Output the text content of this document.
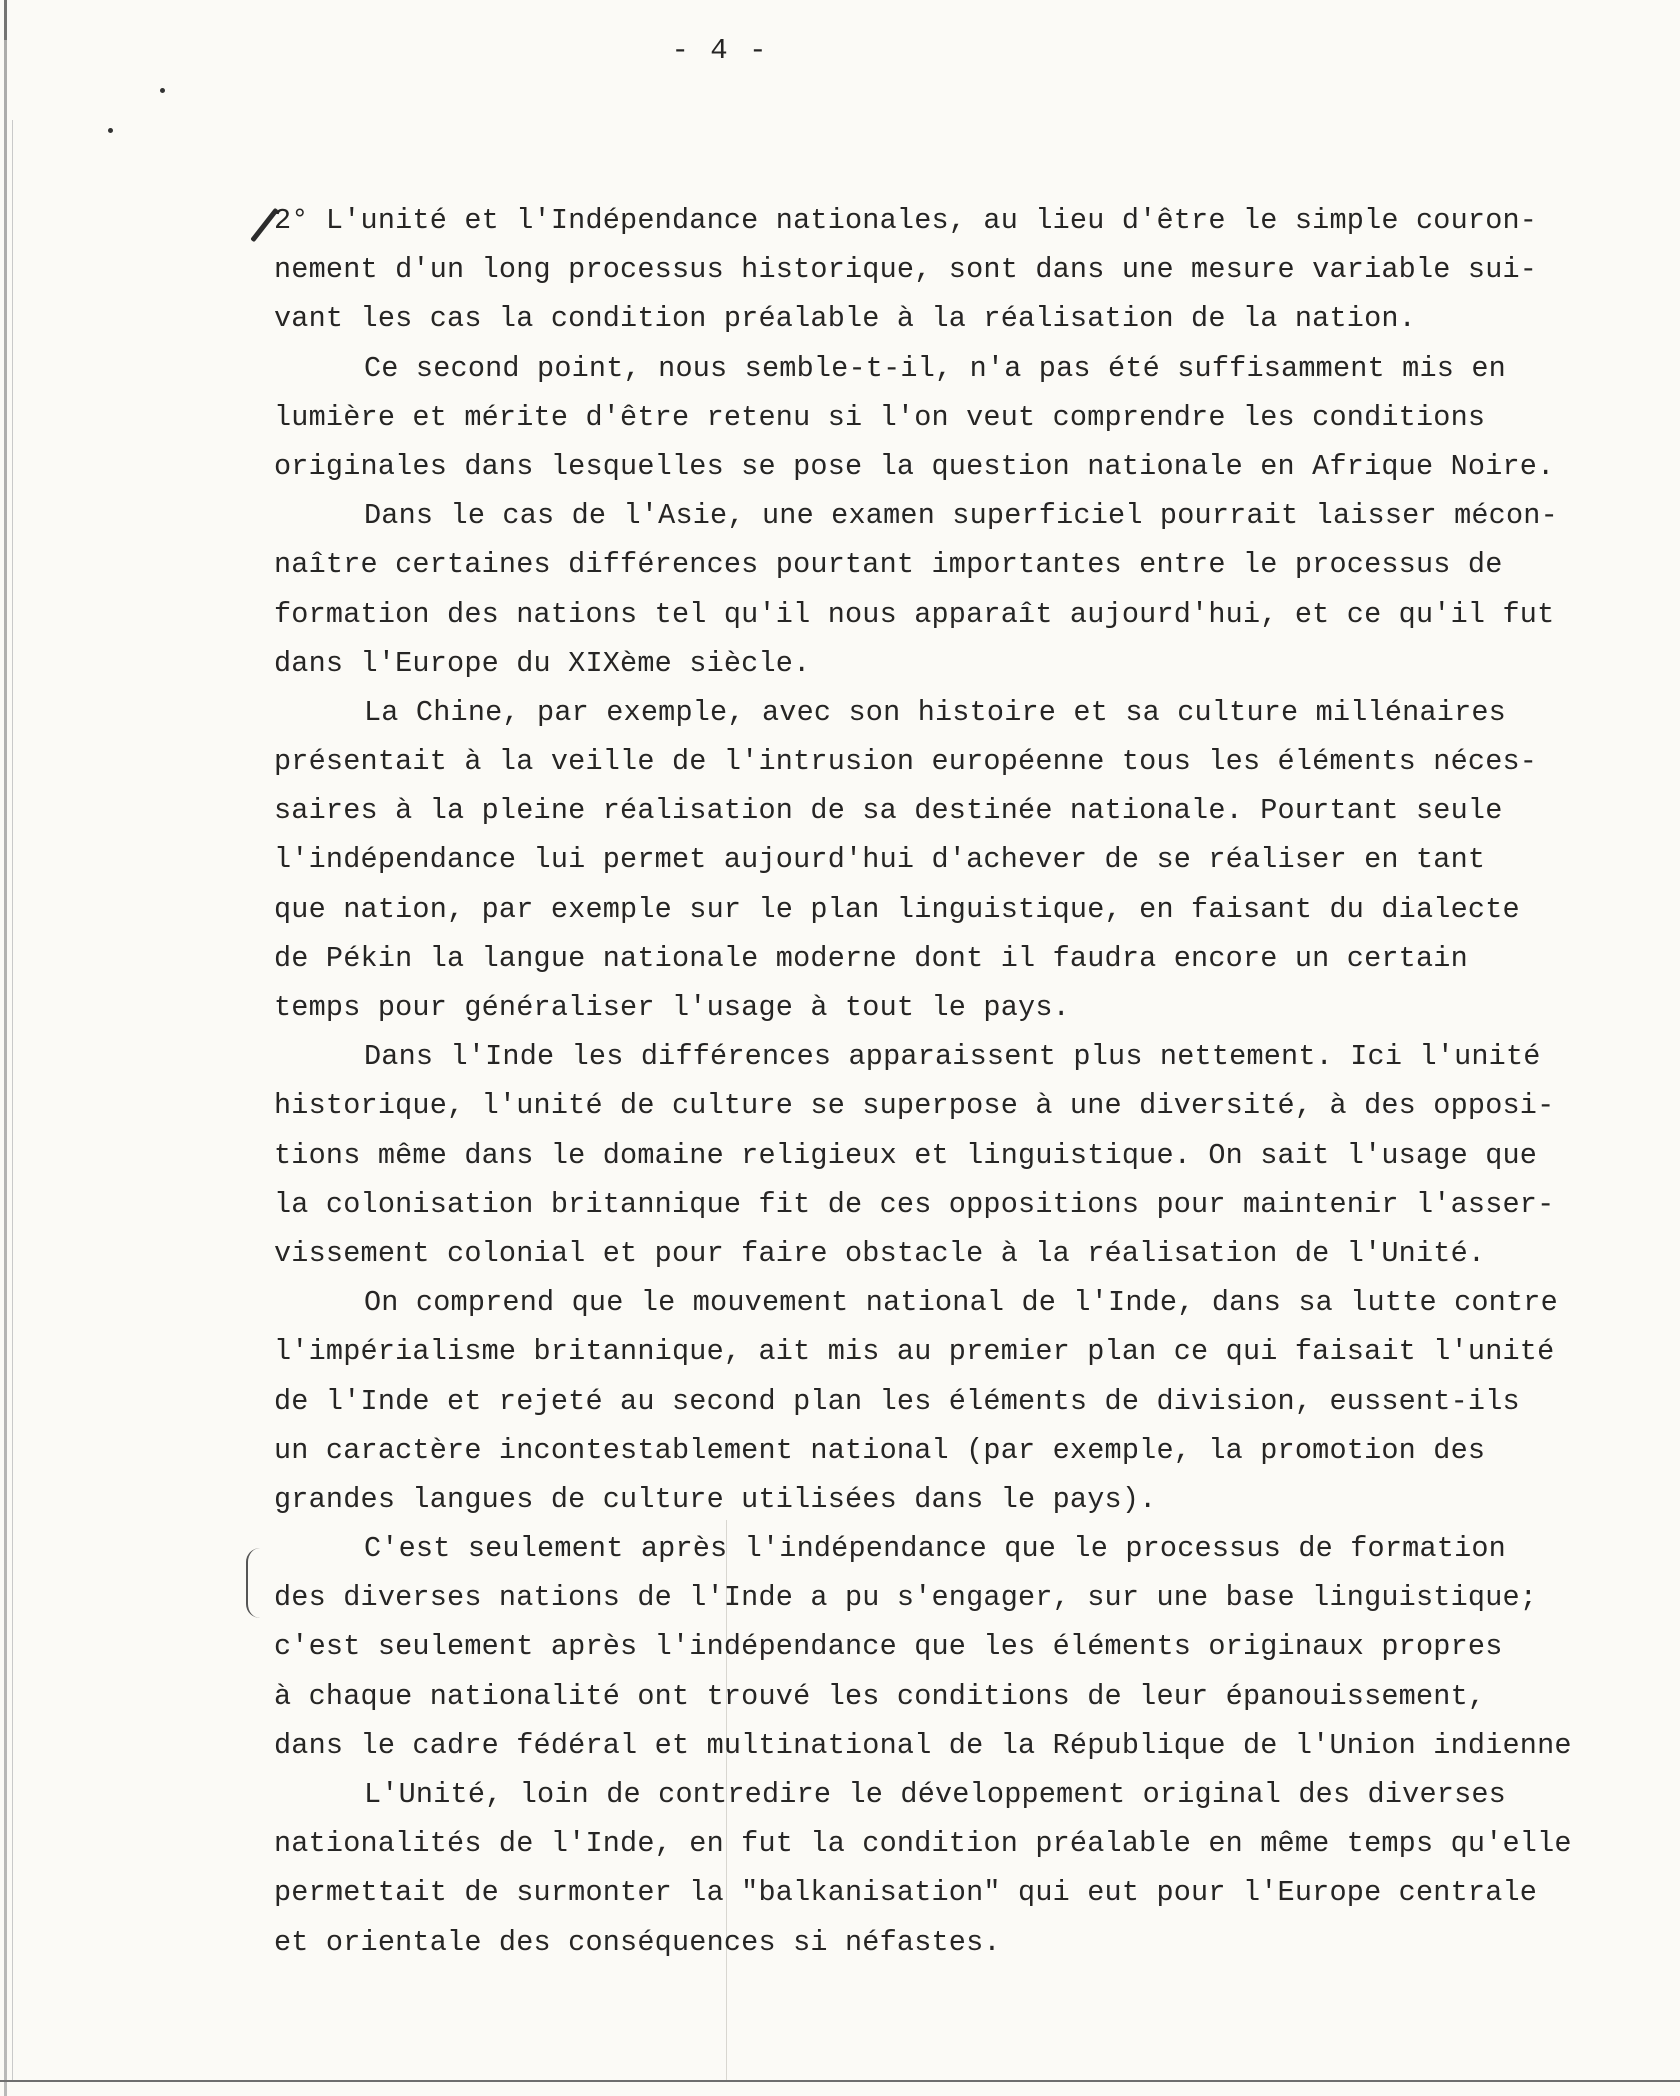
- 4 -
2° L'unité et l'Indépendance nationales, au lieu d'être le simple couron-
nement d'un long processus historique, sont dans une mesure variable sui-
vant les cas la condition préalable à la réalisation de la nation.
Ce second point, nous semble-t-il, n'a pas été suffisamment mis en
lumière et mérite d'être retenu si l'on veut comprendre les conditions
originales dans lesquelles se pose la question nationale en Afrique Noire.
Dans le cas de l'Asie, une examen superficiel pourrait laisser mécon-
naître certaines différences pourtant importantes entre le processus de
formation des nations tel qu'il nous apparaît aujourd'hui, et ce qu'il fut
dans l'Europe du XIXème siècle.
La Chine, par exemple, avec son histoire et sa culture millénaires
présentait à la veille de l'intrusion européenne tous les éléments néces-
saires à la pleine réalisation de sa destinée nationale. Pourtant seule
l'indépendance lui permet aujourd'hui d'achever de se réaliser en tant
que nation, par exemple sur le plan linguistique, en faisant du dialecte
de Pékin la langue nationale moderne dont il faudra encore un certain
temps pour généraliser l'usage à tout le pays.
Dans l'Inde les différences apparaissent plus nettement. Ici l'unité
historique, l'unité de culture se superpose à une diversité, à des opposi-
tions même dans le domaine religieux et linguistique. On sait l'usage que
la colonisation britannique fit de ces oppositions pour maintenir l'asser-
vissement colonial et pour faire obstacle à la réalisation de l'Unité.
On comprend que le mouvement national de l'Inde, dans sa lutte contre
l'impérialisme britannique, ait mis au premier plan ce qui faisait l'unité
de l'Inde et rejeté au second plan les éléments de division, eussent-ils
un caractère incontestablement national (par exemple, la promotion des
grandes langues de culture utilisées dans le pays).
C'est seulement après l'indépendance que le processus de formation
des diverses nations de l'Inde a pu s'engager, sur une base linguistique;
c'est seulement après l'indépendance que les éléments originaux propres
à chaque nationalité ont trouvé les conditions de leur épanouissement,
dans le cadre fédéral et multinational de la République de l'Union indienne
L'Unité, loin de contredire le développement original des diverses
nationalités de l'Inde, en fut la condition préalable en même temps qu'elle
permettait de surmonter la "balkanisation" qui eut pour l'Europe centrale
et orientale des conséquences si néfastes.
